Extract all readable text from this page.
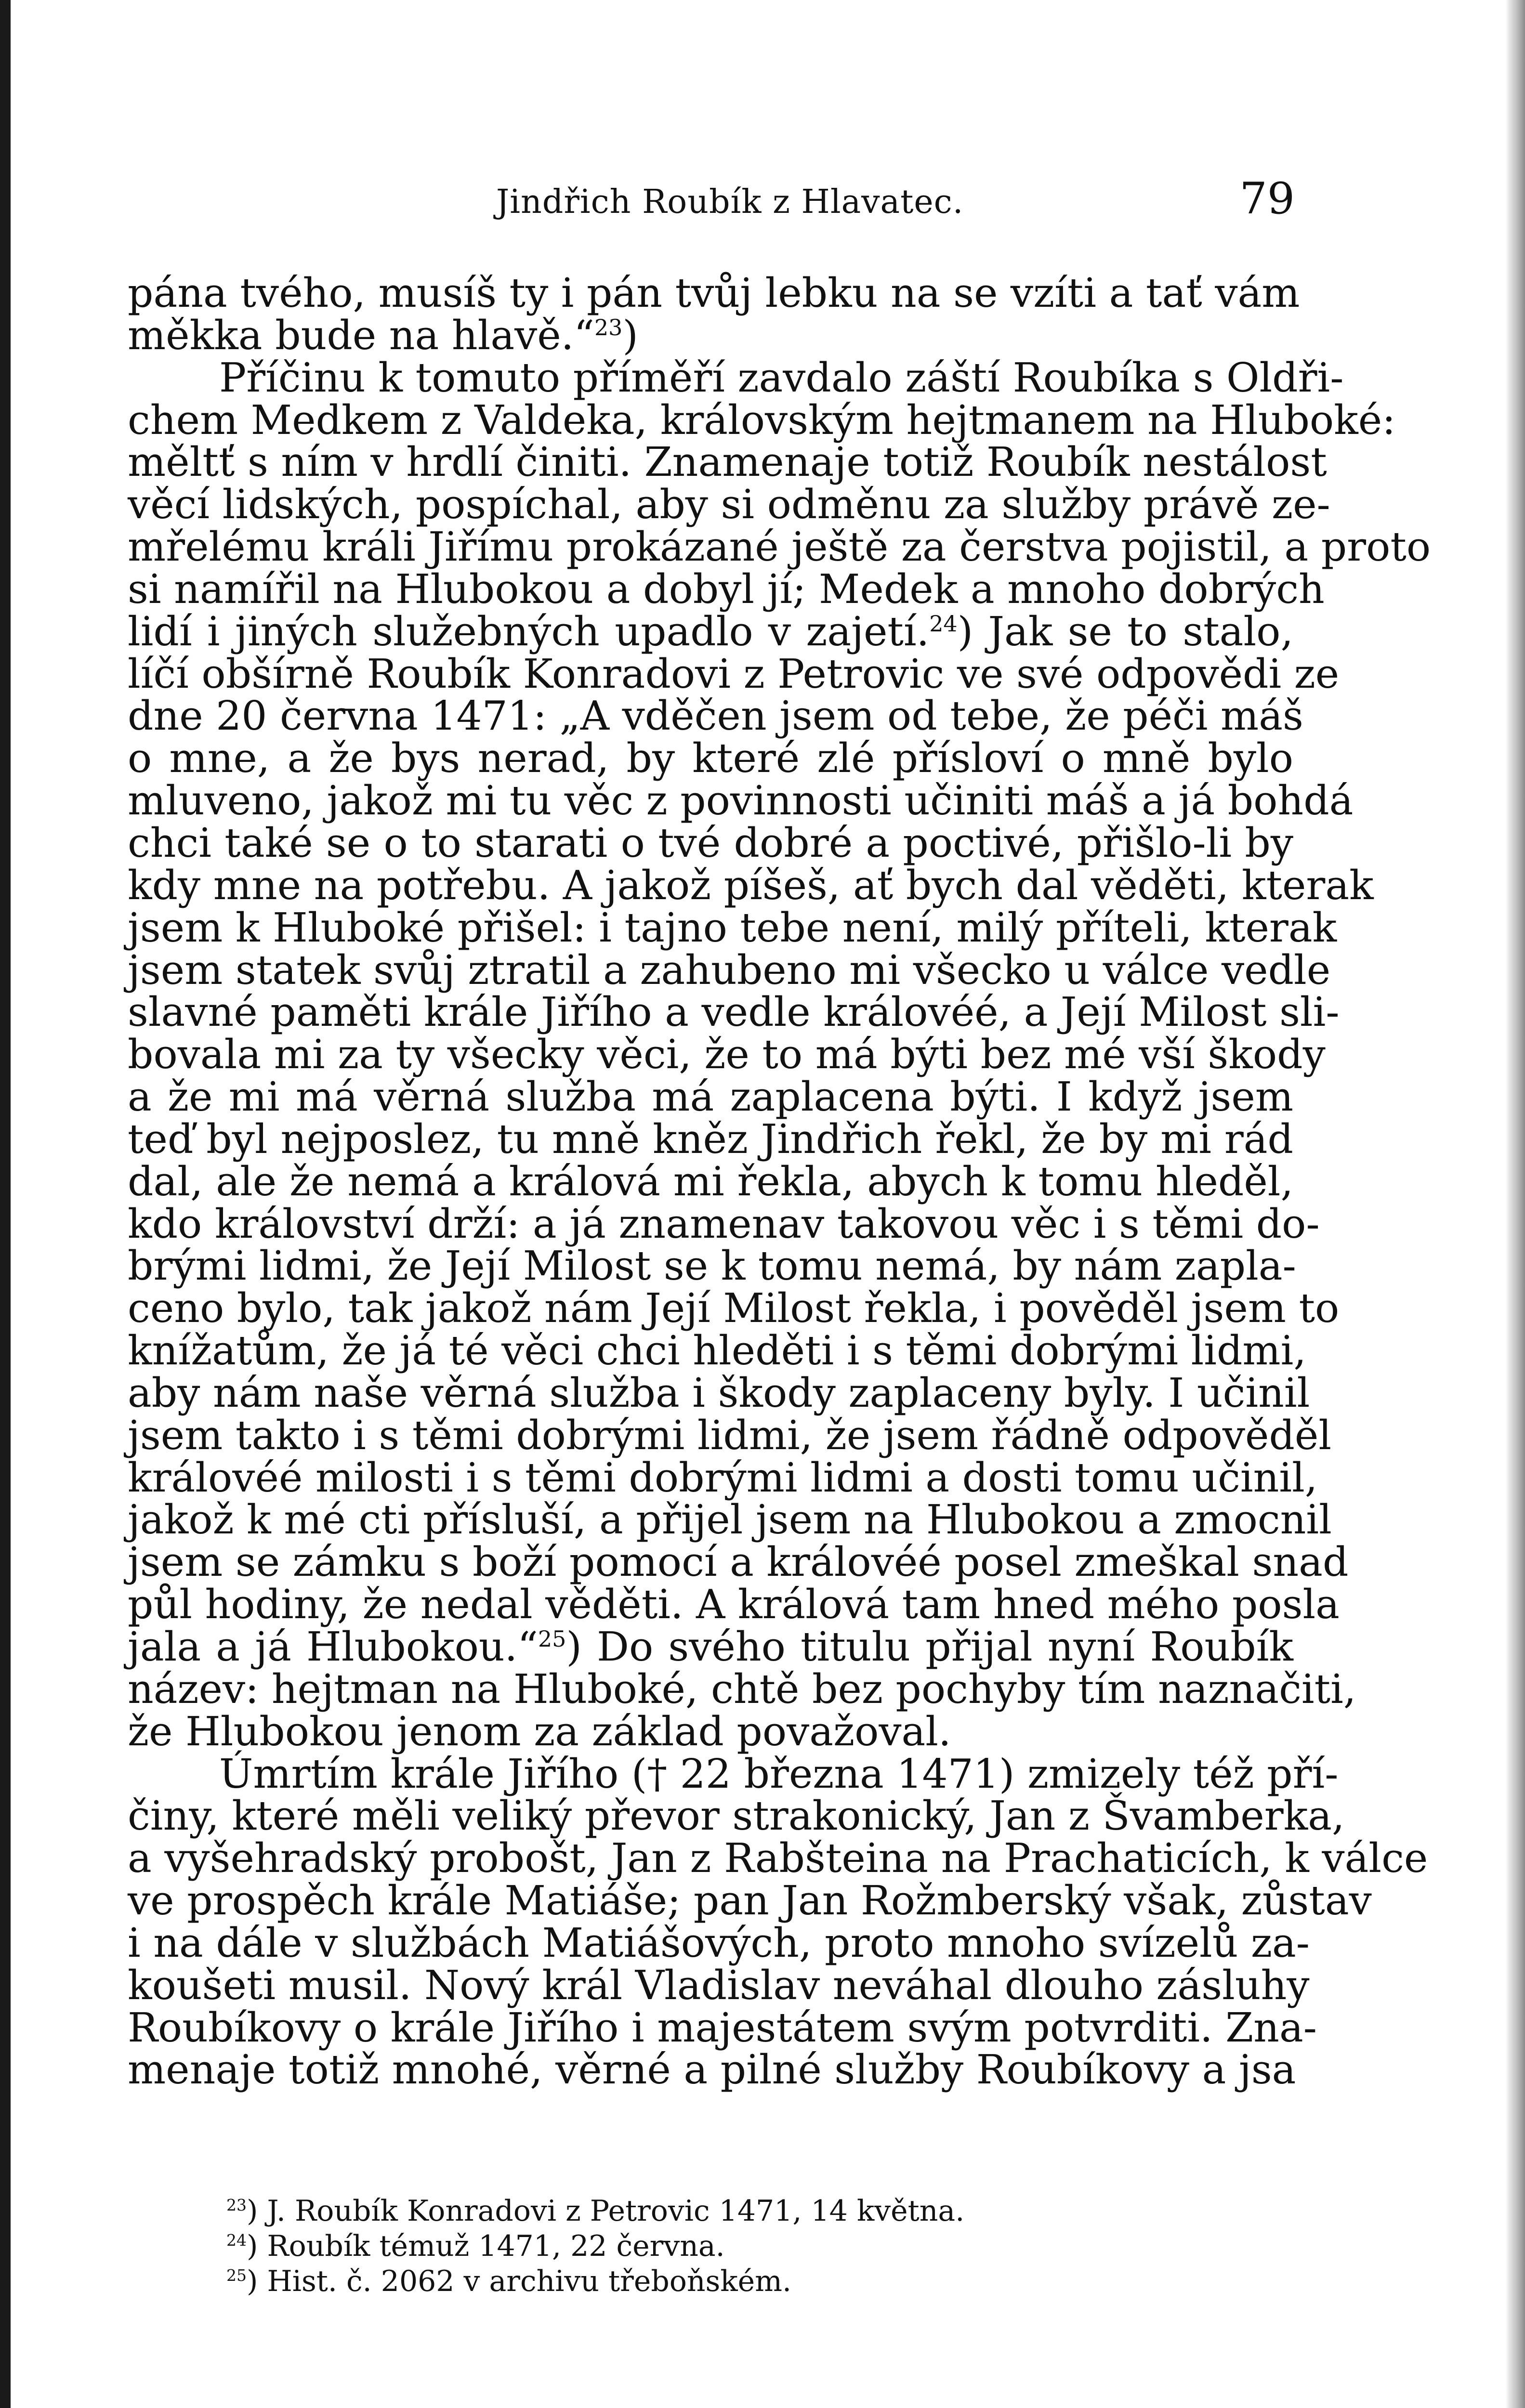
Jindřich Roubík z Hlavatec.	79
pána tvého, musíš ty i pán tvůj lebku na se vzíti a tať vám
měkka bude na hlavě.“$^{23}$)
Příčinu k tomuto příměří zavdalo záští Roubíka s Oldři-
chem Medkem z Valdeka, královským hejtmanem na Hluboké:
měltť s ním v hrdlí činiti. Znamenaje totiž Roubík nestálost
věcí lidských, pospíchal, aby si odměnu za služby právě ze-
mřelému králi Jiřímu prokázané ještě za čerstva pojistil, a proto
si namířil na Hlubokou a dobyl jí; Medek a mnoho dobrých
lidí i jiných služebných upadlo v zajetí.$^{24}$) Jak se to stalo,
líčí obšírně Roubík Konradovi z Petrovic ve své odpovědi ze
dne 20 června 1471: „A vděčen jsem od tebe, že péči máš
o mne, a že bys nerad, by které zlé přísloví o mně bylo
mluveno, jakož mi tu věc z povinnosti učiniti máš a já bohdá
chci také se o to starati o tvé dobré a poctivé, přišlo-li by
kdy mne na potřebu. A jakož píšeš, ať bych dal věděti, kterak
jsem k Hluboké přišel: i tajno tebe není, milý příteli, kterak
jsem statek svůj ztratil a zahubeno mi všecko u válce vedle
slavné paměti krále Jiřího a vedle královéé, a Její Milost sli-
bovala mi za ty všecky věci, že to má býti bez mé vší škody
a že mi má věrná služba má zaplacena býti. I když jsem
teď byl nejposlez, tu mně kněz Jindřich řekl, že by mi rád
dal, ale že nemá a králová mi řekla, abych k tomu hleděl,
kdo království drží: a já znamenav takovou věc i s těmi do-
brými lidmi, že Její Milost se k tomu nemá, by nám zapla-
ceno bylo, tak jakož nám Její Milost řekla, i pověděl jsem to
knížatům, že já té věci chci hleděti i s těmi dobrými lidmi,
aby nám naše věrná služba i škody zaplaceny byly. I učinil
jsem takto i s těmi dobrými lidmi, že jsem řádně odpověděl
královéé milosti i s těmi dobrými lidmi a dosti tomu učinil,
jakož k mé cti přísluší, a přijel jsem na Hlubokou a zmocnil
jsem se zámku s boží pomocí a královéé posel zmeškal snad
půl hodiny, že nedal věděti. A králová tam hned mého posla
jala a já Hlubokou.“$^{25}$) Do svého titulu přijal nyní Roubík
název: hejtman na Hluboké, chtě bez pochyby tím naznačiti,
že Hlubokou jenom za základ považoval.
Úmrtím krále Jiřího († 22 března 1471) zmizely též pří-
činy, které měli veliký převor strakonický, Jan z Švamberka,
a vyšehradský probošt, Jan z Rabšteina na Prachaticích, k válce
ve prospěch krále Matiáše; pan Jan Rožmberský však, zůstav
i na dále v službách Matiášových, proto mnoho svízelů za-
koušeti musil. Nový král Vladislav neváhal dlouho zásluhy
Roubíkovy o krále Jiřího i majestátem svým potvrditi. Zna-
menaje totiž mnohé, věrné a pilné služby Roubíkovy a jsa
$^{23}$) J. Roubík Konradovi z Petrovic 1471, 14 května.
$^{24}$) Roubík témuž 1471, 22 června.
$^{25}$) Hist. č. 2062 v archivu třeboňském.
